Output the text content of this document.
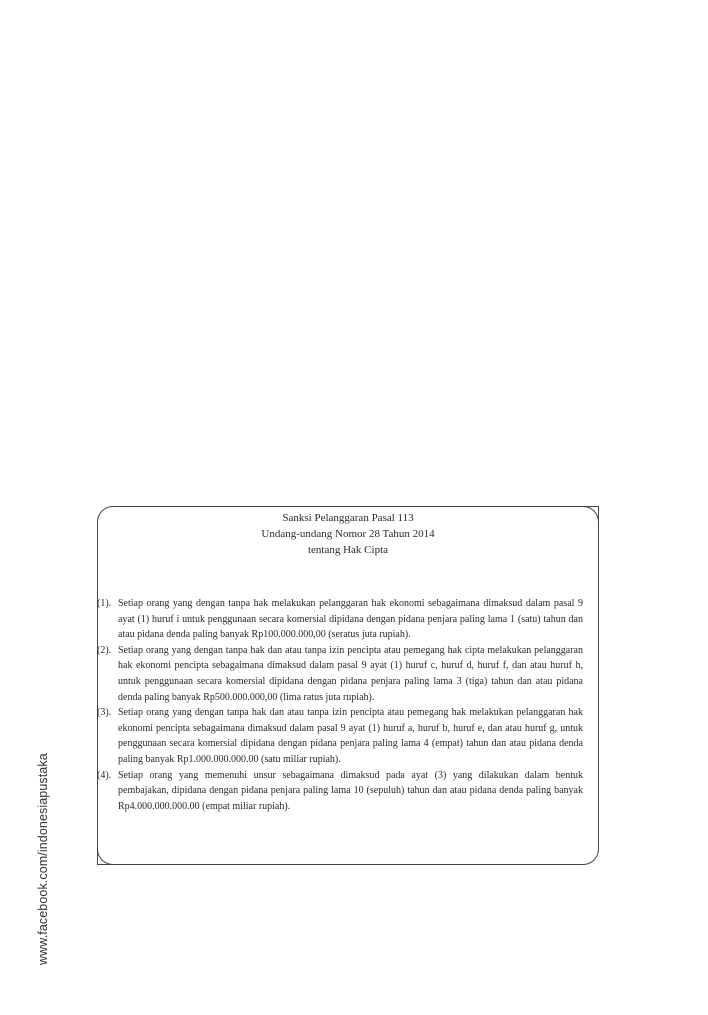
www.facebook.com/indonesiapustaka
Sanksi Pelanggaran Pasal 113
Undang-undang Nomor 28 Tahun 2014
tentang Hak Cipta
(1). Setiap orang yang dengan tanpa hak melakukan pelanggaran hak ekonomi sebagaimana dimaksud dalam pasal 9 ayat (1) huruf i untuk penggunaan secara komersial dipidana dengan pidana penjara paling lama 1 (satu) tahun dan atau pidana denda paling banyak Rp100.000.000,00 (seratus juta rupiah).
(2). Setiap orang yang dengan tanpa hak dan atau tanpa izin pencipta atau pemegang hak cipta melakukan pelanggaran hak ekonomi pencipta sebagaimana dimaksud dalam pasal 9 ayat (1) huruf c, huruf d, huruf f, dan atau huruf h, untuk penggunaan secara komersial dipidana dengan pidana penjara paling lama 3 (tiga) tahun dan atau pidana denda paling banyak Rp500.000.000,00 (lima ratus juta rupiah).
(3). Setiap orang yang dengan tanpa hak dan atau tanpa izin pencipta atau pemegang hak melakukan pelanggaran hak ekonomi pencipta sebagaimana dimaksud dalam pasal 9 ayat (1) huruf a, huruf b, huruf e, dan atau huruf g, untuk penggunaan secara komersial dipidana dengan pidana penjara paling lama 4 (empat) tahun dan atau pidana denda paling banyak Rp1.000.000.000.00 (satu miliar rupiah).
(4). Setiap orang yang memenuhi unsur sebagaimana dimaksud pada ayat (3) yang dilakukan dalam bentuk pembajakan, dipidana dengan pidana penjara paling lama 10 (sepuluh) tahun dan atau pidana denda paling banyak Rp4.000.000.000.00 (empat miliar rupiah).
